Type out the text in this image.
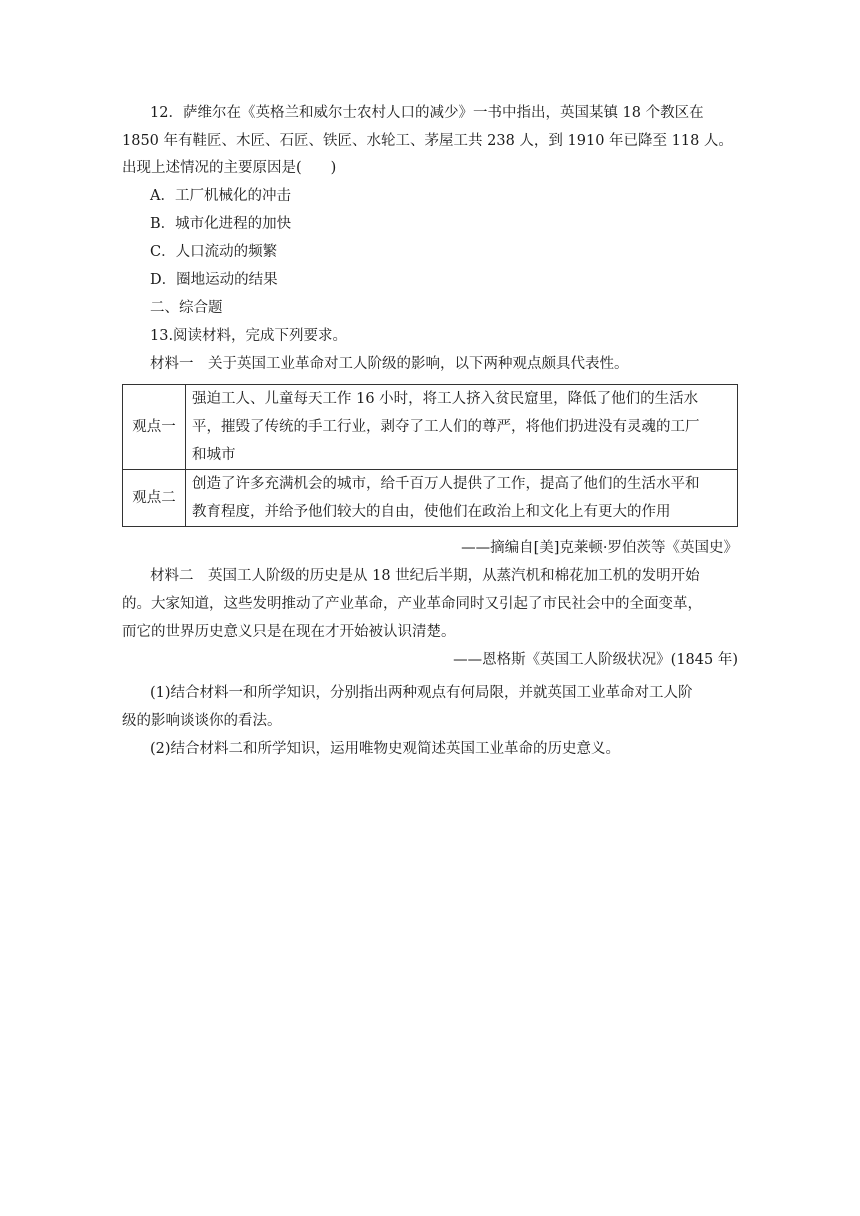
12．萨维尔在《英格兰和威尔士农村人口的减少》一书中指出，英国某镇 18 个教区在
1850 年有鞋匠、木匠、石匠、铁匠、水轮工、茅屋工共 238 人，到 1910 年已降至 118 人。
出现上述情况的主要原因是(　　)
A．工厂机械化的冲击
B．城市化进程的加快
C．人口流动的频繁
D．圈地运动的结果
二、综合题
13.阅读材料，完成下列要求。
材料一　关于英国工业革命对工人阶级的影响，以下两种观点颇具代表性。
观点一	强迫工人、儿童每天工作 16 小时，将工人挤入贫民窟里，降低了他们的生活水
平，摧毁了传统的手工行业，剥夺了工人们的尊严，将他们扔进没有灵魂的工厂
和城市

观点二	创造了许多充满机会的城市，给千百万人提供了工作，提高了他们的生活水平和
教育程度，并给予他们较大的自由，使他们在政治上和文化上有更大的作用
——摘编自[美]克莱顿·罗伯茨等《英国史》
材料二　英国工人阶级的历史是从 18 世纪后半期，从蒸汽机和棉花加工机的发明开始
的。大家知道，这些发明推动了产业革命，产业革命同时又引起了市民社会中的全面变革，
而它的世界历史意义只是在现在才开始被认识清楚。
——恩格斯《英国工人阶级状况》(1845 年)
(1)结合材料一和所学知识，分别指出两种观点有何局限，并就英国工业革命对工人阶
级的影响谈谈你的看法。
(2)结合材料二和所学知识，运用唯物史观简述英国工业革命的历史意义。
